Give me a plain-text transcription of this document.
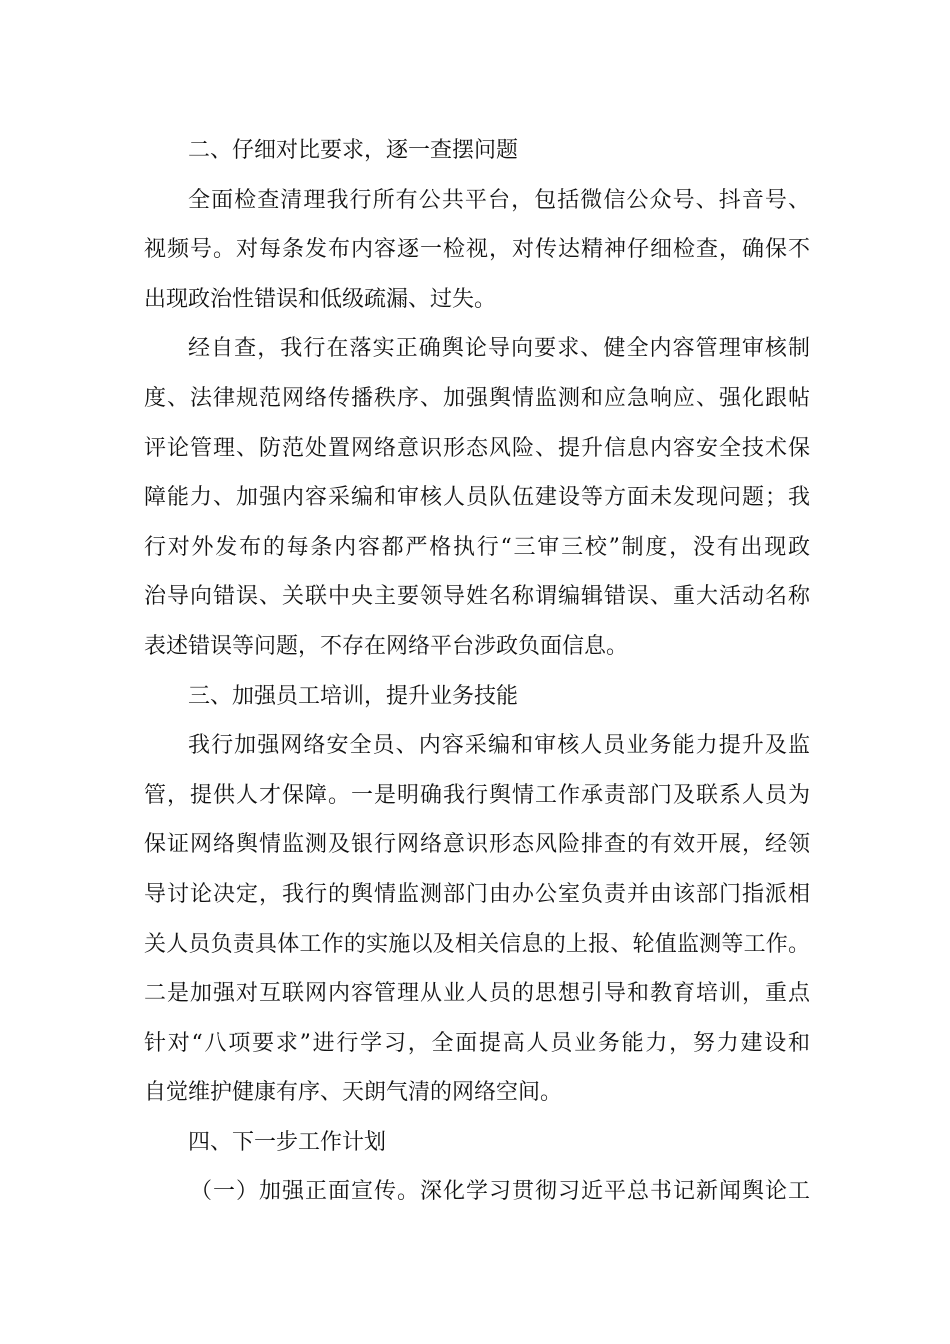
二、仔细对比要求，逐一查摆问题
全面检查清理我行所有公共平台，包括微信公众号、抖音号、
视频号。对每条发布内容逐一检视，对传达精神仔细检查，确保不
出现政治性错误和低级疏漏、过失。
经自查，我行在落实正确舆论导向要求、健全内容管理审核制
度、法律规范网络传播秩序、加强舆情监测和应急响应、强化跟帖
评论管理、防范处置网络意识形态风险、提升信息内容安全技术保
障能力、加强内容采编和审核人员队伍建设等方面未发现问题；我
行对外发布的每条内容都严格执行“三审三校”制度，没有出现政
治导向错误、关联中央主要领导姓名称谓编辑错误、重大活动名称
表述错误等问题，不存在网络平台涉政负面信息。
三、加强员工培训，提升业务技能
我行加强网络安全员、内容采编和审核人员业务能力提升及监
管，提供人才保障。一是明确我行舆情工作承责部门及联系人员为
保证网络舆情监测及银行网络意识形态风险排查的有效开展，经领
导讨论决定，我行的舆情监测部门由办公室负责并由该部门指派相
关人员负责具体工作的实施以及相关信息的上报、轮值监测等工作。
二是加强对互联网内容管理从业人员的思想引导和教育培训，重点
针对“八项要求”进行学习，全面提高人员业务能力，努力建设和
自觉维护健康有序、天朗气清的网络空间。
四、下一步工作计划
（一）加强正面宣传。深化学习贯彻习近平总书记新闻舆论工
